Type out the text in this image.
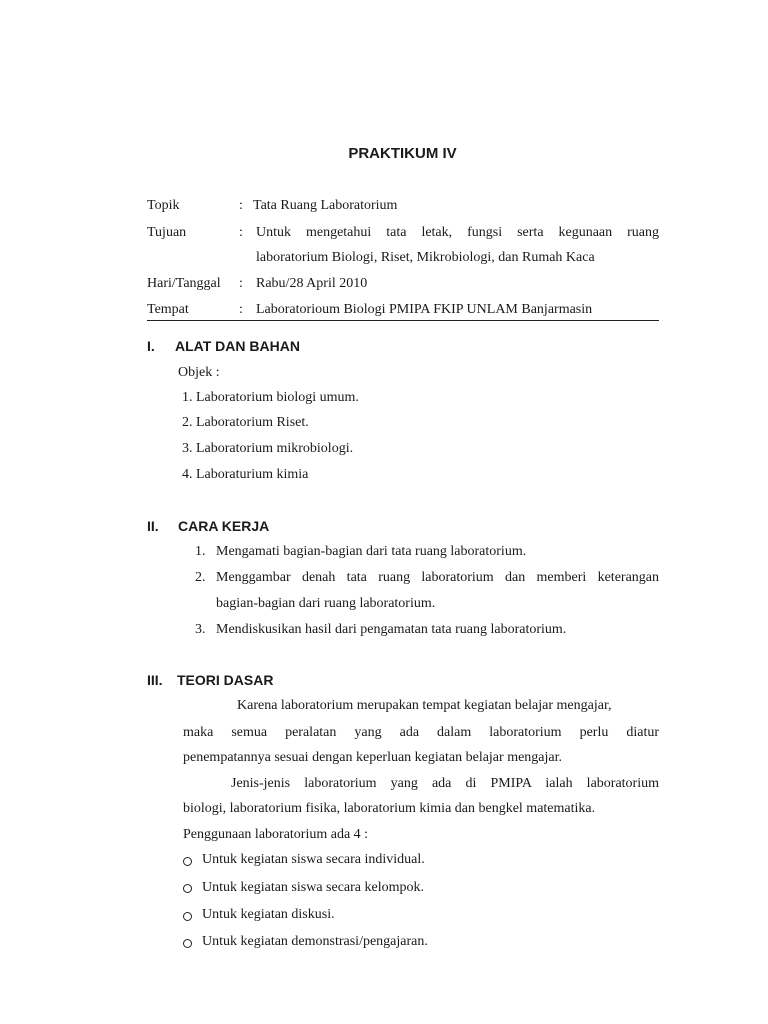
PRAKTIKUM IV
Topik	: Tata Ruang Laboratorium
Tujuan	: Untuk mengetahui tata letak, fungsi serta kegunaan ruang
laboratorium Biologi, Riset, Mikrobiologi, dan Rumah Kaca
Hari/Tanggal : Rabu/28 April 2010
Tempat	: Laboratorioum Biologi PMIPA FKIP UNLAM Banjarmasin
I. ALAT DAN BAHAN
Objek :
1. Laboratorium biologi umum.
2. Laboratorium Riset.
3. Laboratorium mikrobiologi.
4. Laboraturium kimia
II. CARA KERJA
1. Mengamati bagian-bagian dari tata ruang laboratorium.
2. Menggambar denah tata ruang laboratorium dan memberi keterangan
bagian-bagian dari ruang laboratorium.
3. Mendiskusikan hasil dari pengamatan tata ruang laboratorium.
III. TEORI DASAR
Karena laboratorium merupakan tempat kegiatan belajar mengajar,
maka semua peralatan yang ada dalam laboratorium perlu diatur
penempatannya sesuai dengan keperluan kegiatan belajar mengajar.
Jenis-jenis laboratorium yang ada di PMIPA ialah laboratorium
biologi, laboratorium fisika, laboratorium kimia dan bengkel matematika.
Penggunaan laboratorium ada 4 :
Untuk kegiatan siswa secara individual.
Untuk kegiatan siswa secara kelompok.
Untuk kegiatan diskusi.
Untuk kegiatan demonstrasi/pengajaran.
